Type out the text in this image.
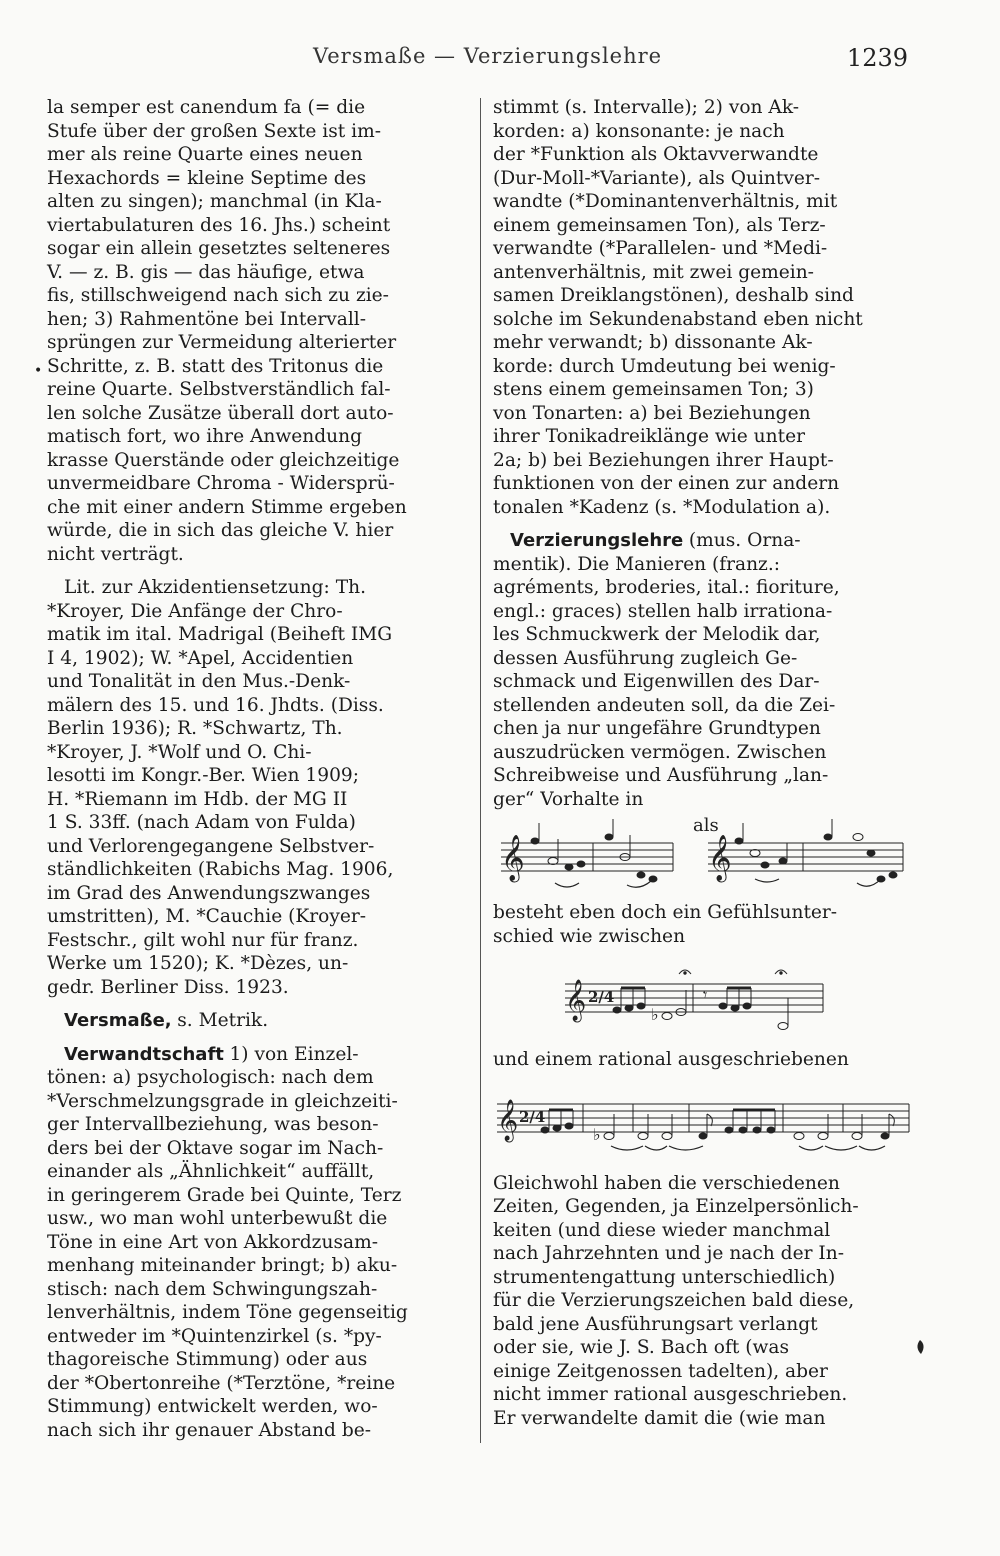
Versmaße — Verzierungslehre	1239
•
la semper est canendum fa (= die
Stufe über der großen Sexte ist im-
mer als reine Quarte eines neuen
Hexachords = kleine Septime des
alten zu singen); manchmal (in Kla-
viertabulaturen des 16. Jhs.) scheint
sogar ein allein gesetztes selteneres
V. — z. B. gis — das häufige, etwa
fis, stillschweigend nach sich zu zie-
hen; 3) Rahmentöne bei Intervall-
sprüngen zur Vermeidung alterierter
Schritte, z. B. statt des Tritonus die
reine Quarte. Selbstverständlich fal-
len solche Zusätze überall dort auto-
matisch fort, wo ihre Anwendung
krasse Querstände oder gleichzeitige
unvermeidbare Chroma - Widersprü-
che mit einer andern Stimme ergeben
würde, die in sich das gleiche V. hier
nicht verträgt.
Lit. zur Akzidentiensetzung: Th.
*Kroyer, Die Anfänge der Chro-
matik im ital. Madrigal (Beiheft IMG
I 4, 1902); W. *Apel, Accidentien
und Tonalität in den Mus.-Denk-
mälern des 15. und 16. Jhdts. (Diss.
Berlin 1936); R. *Schwartz, Th.
*Kroyer, J. *Wolf und O. Chi-
lesotti im Kongr.-Ber. Wien 1909;
H. *Riemann im Hdb. der MG II
1 S. 33ff. (nach Adam von Fulda)
und Verlorengegangene Selbstver-
ständlichkeiten (Rabichs Mag. 1906,
im Grad des Anwendungszwanges
umstritten), M. *Cauchie (Kroyer-
Festschr., gilt wohl nur für franz.
Werke um 1520); K. *Dèzes, un-
gedr. Berliner Diss. 1923.
Versmaße, s. Metrik.
Verwandtschaft 1) von Einzel-
tönen: a) psychologisch: nach dem
*Verschmelzungsgrade in gleichzeiti-
ger Intervallbeziehung, was beson-
ders bei der Oktave sogar im Nach-
einander als „Ähnlichkeit“ auffällt,
in geringerem Grade bei Quinte, Terz
usw., wo man wohl unterbewußt die
Töne in eine Art von Akkordzusam-
menhang miteinander bringt; b) aku-
stisch: nach dem Schwingungszah-
lenverhältnis, indem Töne gegenseitig
entweder im *Quintenzirkel (s. *py-
thagoreische Stimmung) oder aus
der *Obertonreihe (*Terztöne, *reine
Stimmung) entwickelt werden, wo-
nach sich ihr genauer Abstand be-
stimmt (s. Intervalle); 2) von Ak-
korden: a) konsonante: je nach
der *Funktion als Oktavverwandte
(Dur-Moll-*Variante), als Quintver-
wandte (*Dominantenverhältnis, mit
einem gemeinsamen Ton), als Terz-
verwandte (*Parallelen- und *Medi-
antenverhältnis, mit zwei gemein-
samen Dreiklangstönen), deshalb sind
solche im Sekundenabstand eben nicht
mehr verwandt; b) dissonante Ak-
korde: durch Umdeutung bei wenig-
stens einem gemeinsamen Ton; 3)
von Tonarten: a) bei Beziehungen
ihrer Tonikadreiklänge wie unter
2a; b) bei Beziehungen ihrer Haupt-
funktionen von der einen zur andern
tonalen *Kadenz (s. *Modulation a).
Verzierungslehre (mus. Orna-
mentik). Die Manieren (franz.:
agréments, broderies, ital.: fioriture,
engl.: graces) stellen halb irrationa-
les Schmuckwerk der Melodik dar,
dessen Ausführung zugleich Ge-
schmack und Eigenwillen des Dar-
stellenden andeuten soll, da die Zei-
chen ja nur ungefähre Grundtypen
auszudrücken vermögen. Zwischen
Schreibweise und Ausführung „lan-
ger“ Vorhalte in
als
𝄞	𝄞
besteht eben doch ein Gefühlsunter-
schied wie zwischen
𝄞 2/4
♭
𝄾
und einem rational ausgeschriebenen
𝄞 2/4
♭
Gleichwohl haben die verschiedenen
Zeiten, Gegenden, ja Einzelpersönlich-
keiten (und diese wieder manchmal
nach Jahrzehnten und je nach der In-
strumentengattung unterschiedlich)
für die Verzierungszeichen bald diese,
bald jene Ausführungsart verlangt
oder sie, wie J. S. Bach oft (was
einige Zeitgenossen tadelten), aber
nicht immer rational ausgeschrieben.
Er verwandelte damit die (wie man
